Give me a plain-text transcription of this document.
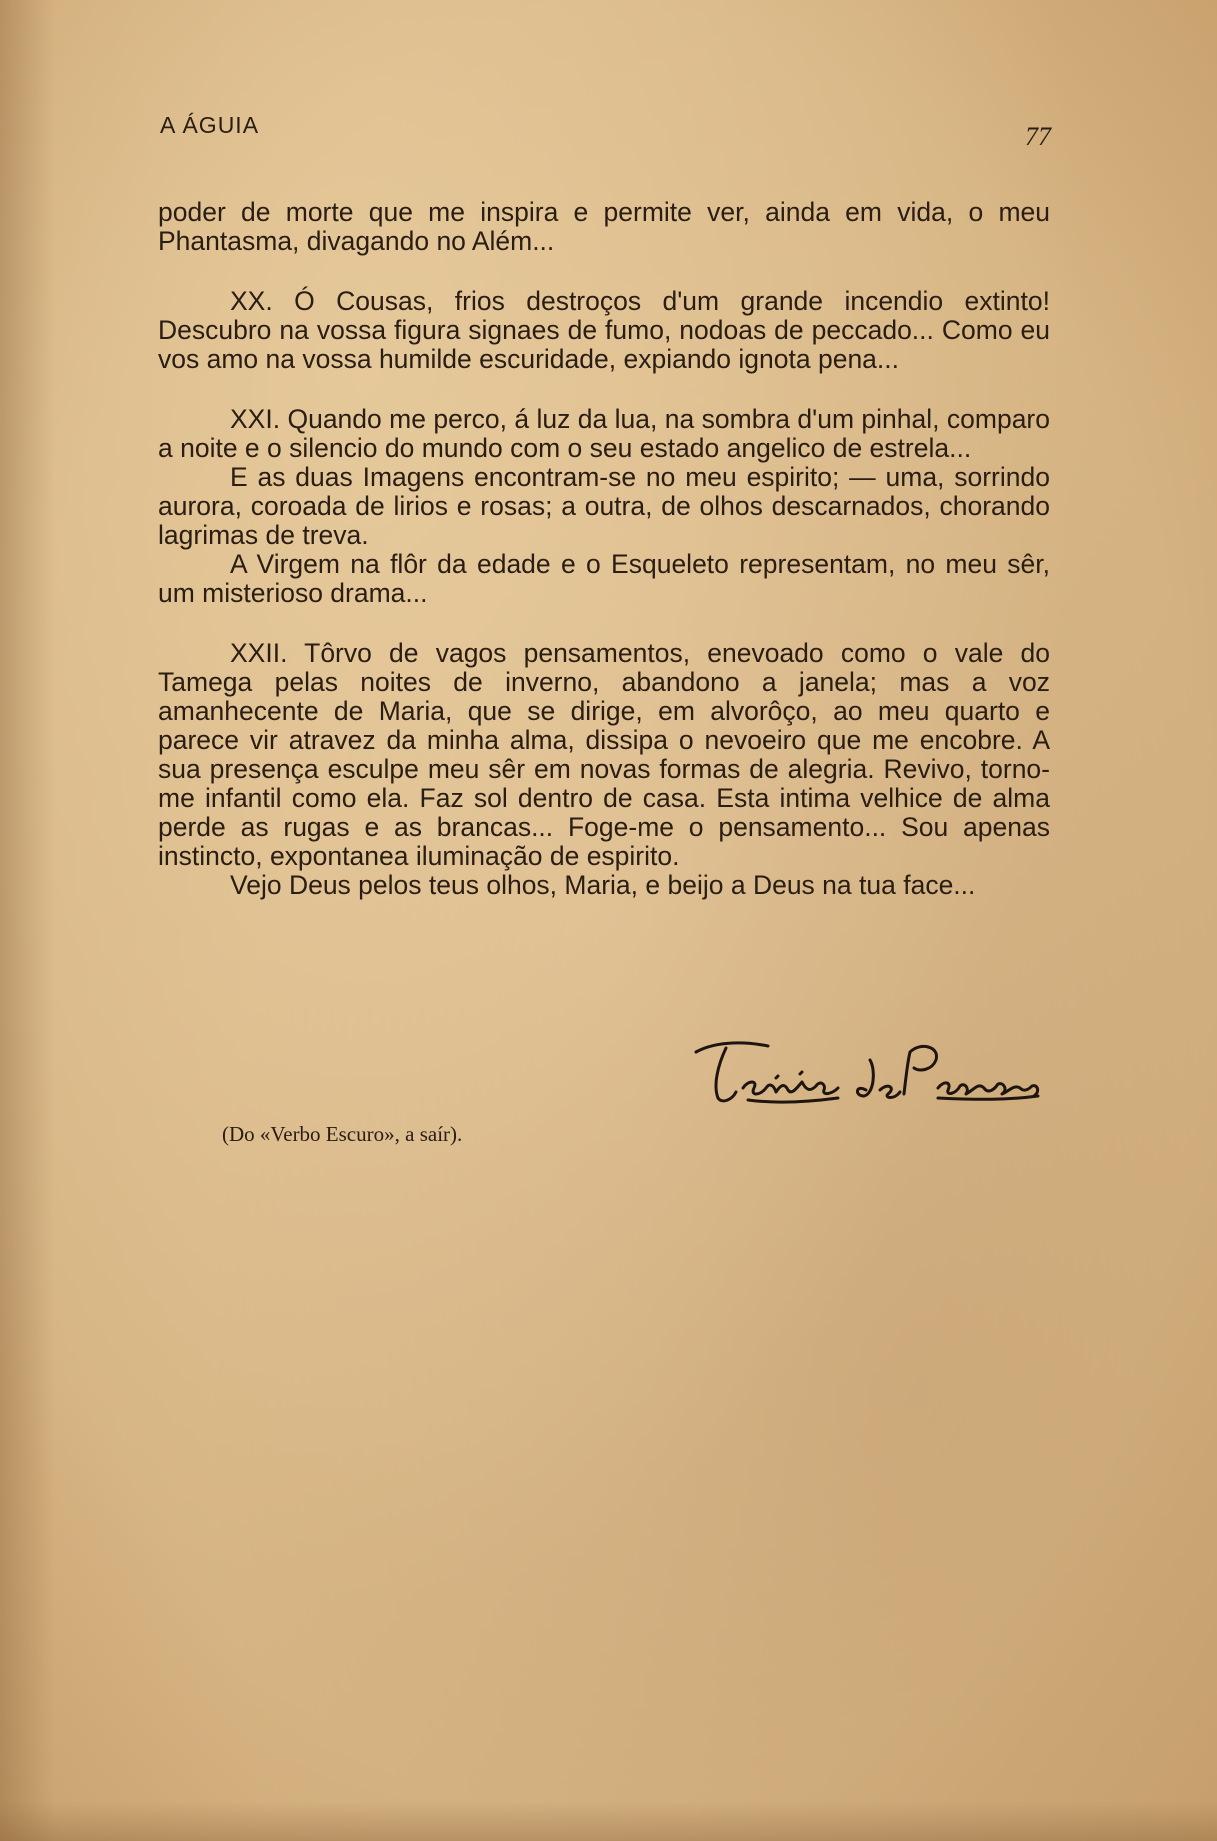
A ÁGUIA	77

poder de morte que me inspira e permite ver, ainda em vida, o meu Phantasma, divagando no Além...

XX. Ó Cousas, frios destroços d'um grande incendio extinto! Descubro na vossa figura signaes de fumo, nodoas de peccado... Como eu vos amo na vossa humilde escuridade, expiando ignota pena...

XXI. Quando me perco, á luz da lua, na sombra d'um pinhal, comparo a noite e o silencio do mundo com o seu estado angelico de estrela...

E as duas Imagens encontram-se no meu espirito; — uma, sorrindo aurora, coroada de lirios e rosas; a outra, de olhos descarnados, chorando lagrimas de treva.

A Virgem na flôr da edade e o Esqueleto representam, no meu sêr, um misterioso drama...

XXII. Tôrvo de vagos pensamentos, enevoado como o vale do Tamega pelas noites de inverno, abandono a janela; mas a voz amanhecente de Maria, que se dirige, em alvorôço, ao meu quarto e parece vir atravez da minha alma, dissipa o nevoeiro que me encobre. A sua presença esculpe meu sêr em novas formas de alegria. Revivo, torno-me infantil como ela. Faz sol dentro de casa. Esta intima velhice de alma perde as rugas e as brancas... Foge-me o pensamento... Sou apenas instincto, expontanea iluminação de espirito.

Vejo Deus pelos teus olhos, Maria, e beijo a Deus na tua face...

(Do «Verbo Escuro», a saír).
